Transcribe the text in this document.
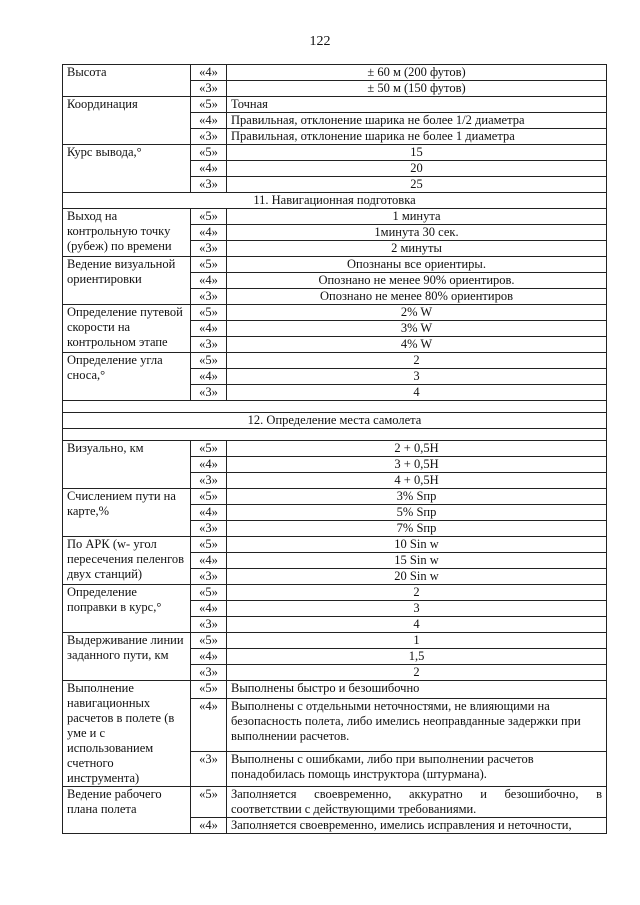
122
Высота	«4»	± 60 м (200 футов)
	«3»	± 50 м (150 футов)
Координация	«5»	Точная
	«4»	Правильная, отклонение шарика не более 1/2 диаметра
	«3»	Правильная, отклонение шарика не более 1 диаметра
Курс вывода,°	«5»	15
	«4»	20
	«3»	25
11. Навигационная подготовка		
Выход на контрольную точку (рубеж) по времени	«5»	1 минута
	«4»	1минута 30 сек.
	«3»	2 минуты
Ведение визуальной ориентировки	«5»	Опознаны все ориентиры.
	«4»	Опознано не менее 90% ориентиров.
	«3»	Опознано не менее 80% ориентиров
Определение путевой скорости на контрольном этапе	«5»	2% W
	«4»	3% W
	«3»	4% W
Определение угла сноса,°	«5»	2
	«4»	3
	«3»	4

12. Определение места самолета		

Визуально, км	«5»	2 + 0,5Н
	«4»	3 + 0,5Н
	«3»	4 + 0,5Н
Счислением пути на карте,%	«5»	3% Sпр
	«4»	5% Sпр
	«3»	7% Sпр
По АРК (w- угол пересечения пеленгов двух станций)	«5»	10 Sin w
	«4»	15 Sin w
	«3»	20 Sin w
Определение поправки в курс,°	«5»	2
	«4»	3
	«3»	4
Выдерживание линии заданного пути, км	«5»	1
	«4»	1,5
	«3»	2
Выполнение навигационных расчетов в полете (в уме и с использованием счетного инструмента)	«5»	Выполнены быстро и безошибочно
	«4»	Выполнены с отдельными неточностями, не влияющими на безопасность полета, либо имелись неоправданные задержки при выполнении расчетов.
	«3»	Выполнены с ошибками, либо при выполнении расчетов понадобилась помощь инструктора (штурмана).
Ведение рабочего плана полета	«5»	Заполняется своевременно, аккуратно и безошибочно, в соответствии с действующими требованиями.
	«4»	Заполняется своевременно, имелись исправления и неточности,
